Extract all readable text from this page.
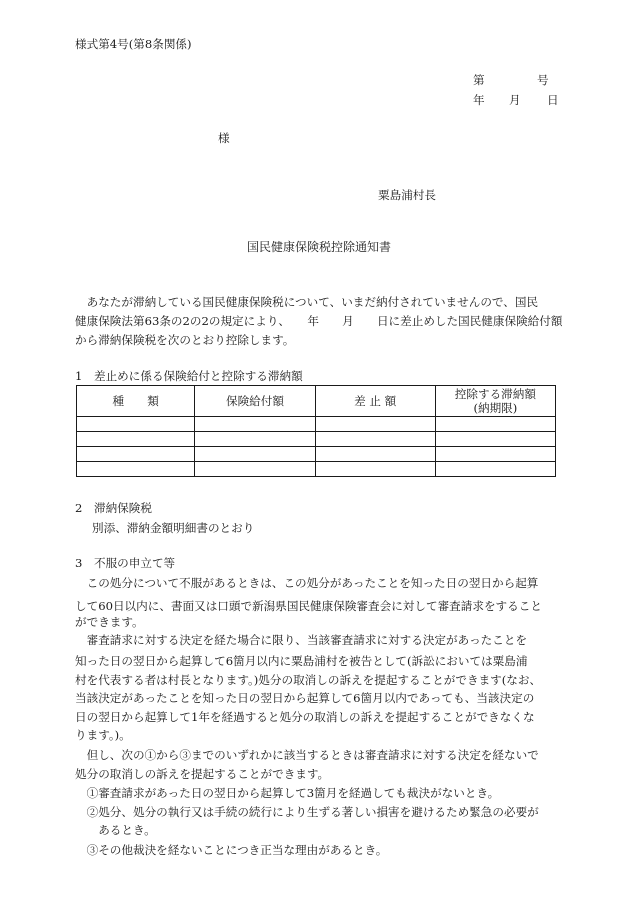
様式第4号(第8条関係)
第	号
年 月 日
様
粟島浦村長
国民健康保険税控除通知書
　あなたが滞納している国民健康保険税について、いまだ納付されていませんので、国民
健康保険法第63条の2の2の規定により、　　年　　月　　日に差止めした国民健康保険給付額
から滞納保険税を次のとおり控除します。
1　差止めに係る保険給付と控除する滞納額
種　　類	保険給付額	差 止 額	控除する滞納額
(納期限)

2　滞納保険税
別添、滞納金額明細書のとおり
3　不服の申立て等
　この処分について不服があるときは、この処分があったことを知った日の翌日から起算
して60日以内に、書面又は口頭で新潟県国民健康保険審査会に対して審査請求をすること
ができます。
　審査請求に対する決定を経た場合に限り、当該審査請求に対する決定があったことを
知った日の翌日から起算して6箇月以内に粟島浦村を被告として(訴訟においては粟島浦
村を代表する者は村長となります。)処分の取消しの訴えを提起することができます(なお、
当該決定があったことを知った日の翌日から起算して6箇月以内であっても、当該決定の
日の翌日から起算して1年を経過すると処分の取消しの訴えを提起することができなくな
ります。)。
　但し、次の①から③までのいずれかに該当するときは審査請求に対する決定を経ないで
処分の取消しの訴えを提起することができます。
　①審査請求があった日の翌日から起算して3箇月を経過しても裁決がないとき。
　②処分、処分の執行又は手続の続行により生ずる著しい損害を避けるため緊急の必要が
　　あるとき。
　③その他裁決を経ないことにつき正当な理由があるとき。
